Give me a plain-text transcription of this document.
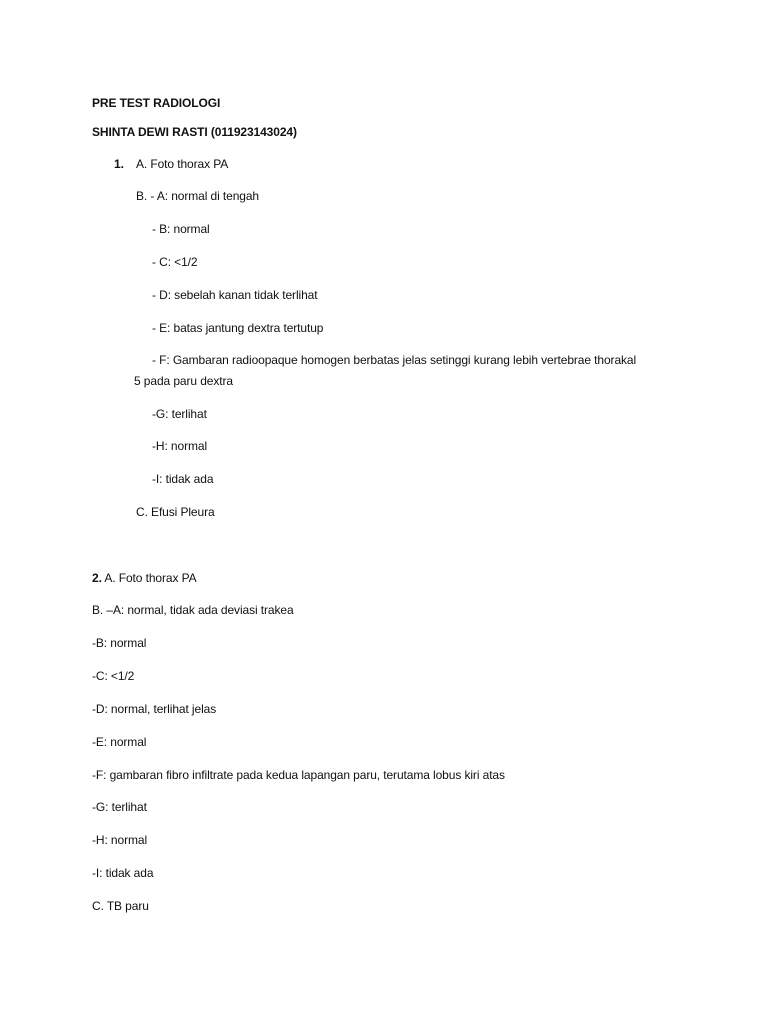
PRE TEST RADIOLOGI
SHINTA DEWI RASTI (011923143024)
1. A. Foto thorax PA
B. - A: normal di tengah
- B: normal
- C: <1/2
- D: sebelah kanan tidak terlihat
- E: batas jantung dextra tertutup
- F: Gambaran radioopaque homogen berbatas jelas setinggi kurang lebih vertebrae thorakal
5 pada paru dextra
-G: terlihat
-H: normal
-I: tidak ada
C. Efusi Pleura
2. A. Foto thorax PA
B. –A: normal, tidak ada deviasi trakea
-B: normal
-C: <1/2
-D: normal, terlihat jelas
-E: normal
-F: gambaran fibro infiltrate pada kedua lapangan paru, terutama lobus kiri atas
-G: terlihat
-H: normal
-I: tidak ada
C. TB paru
